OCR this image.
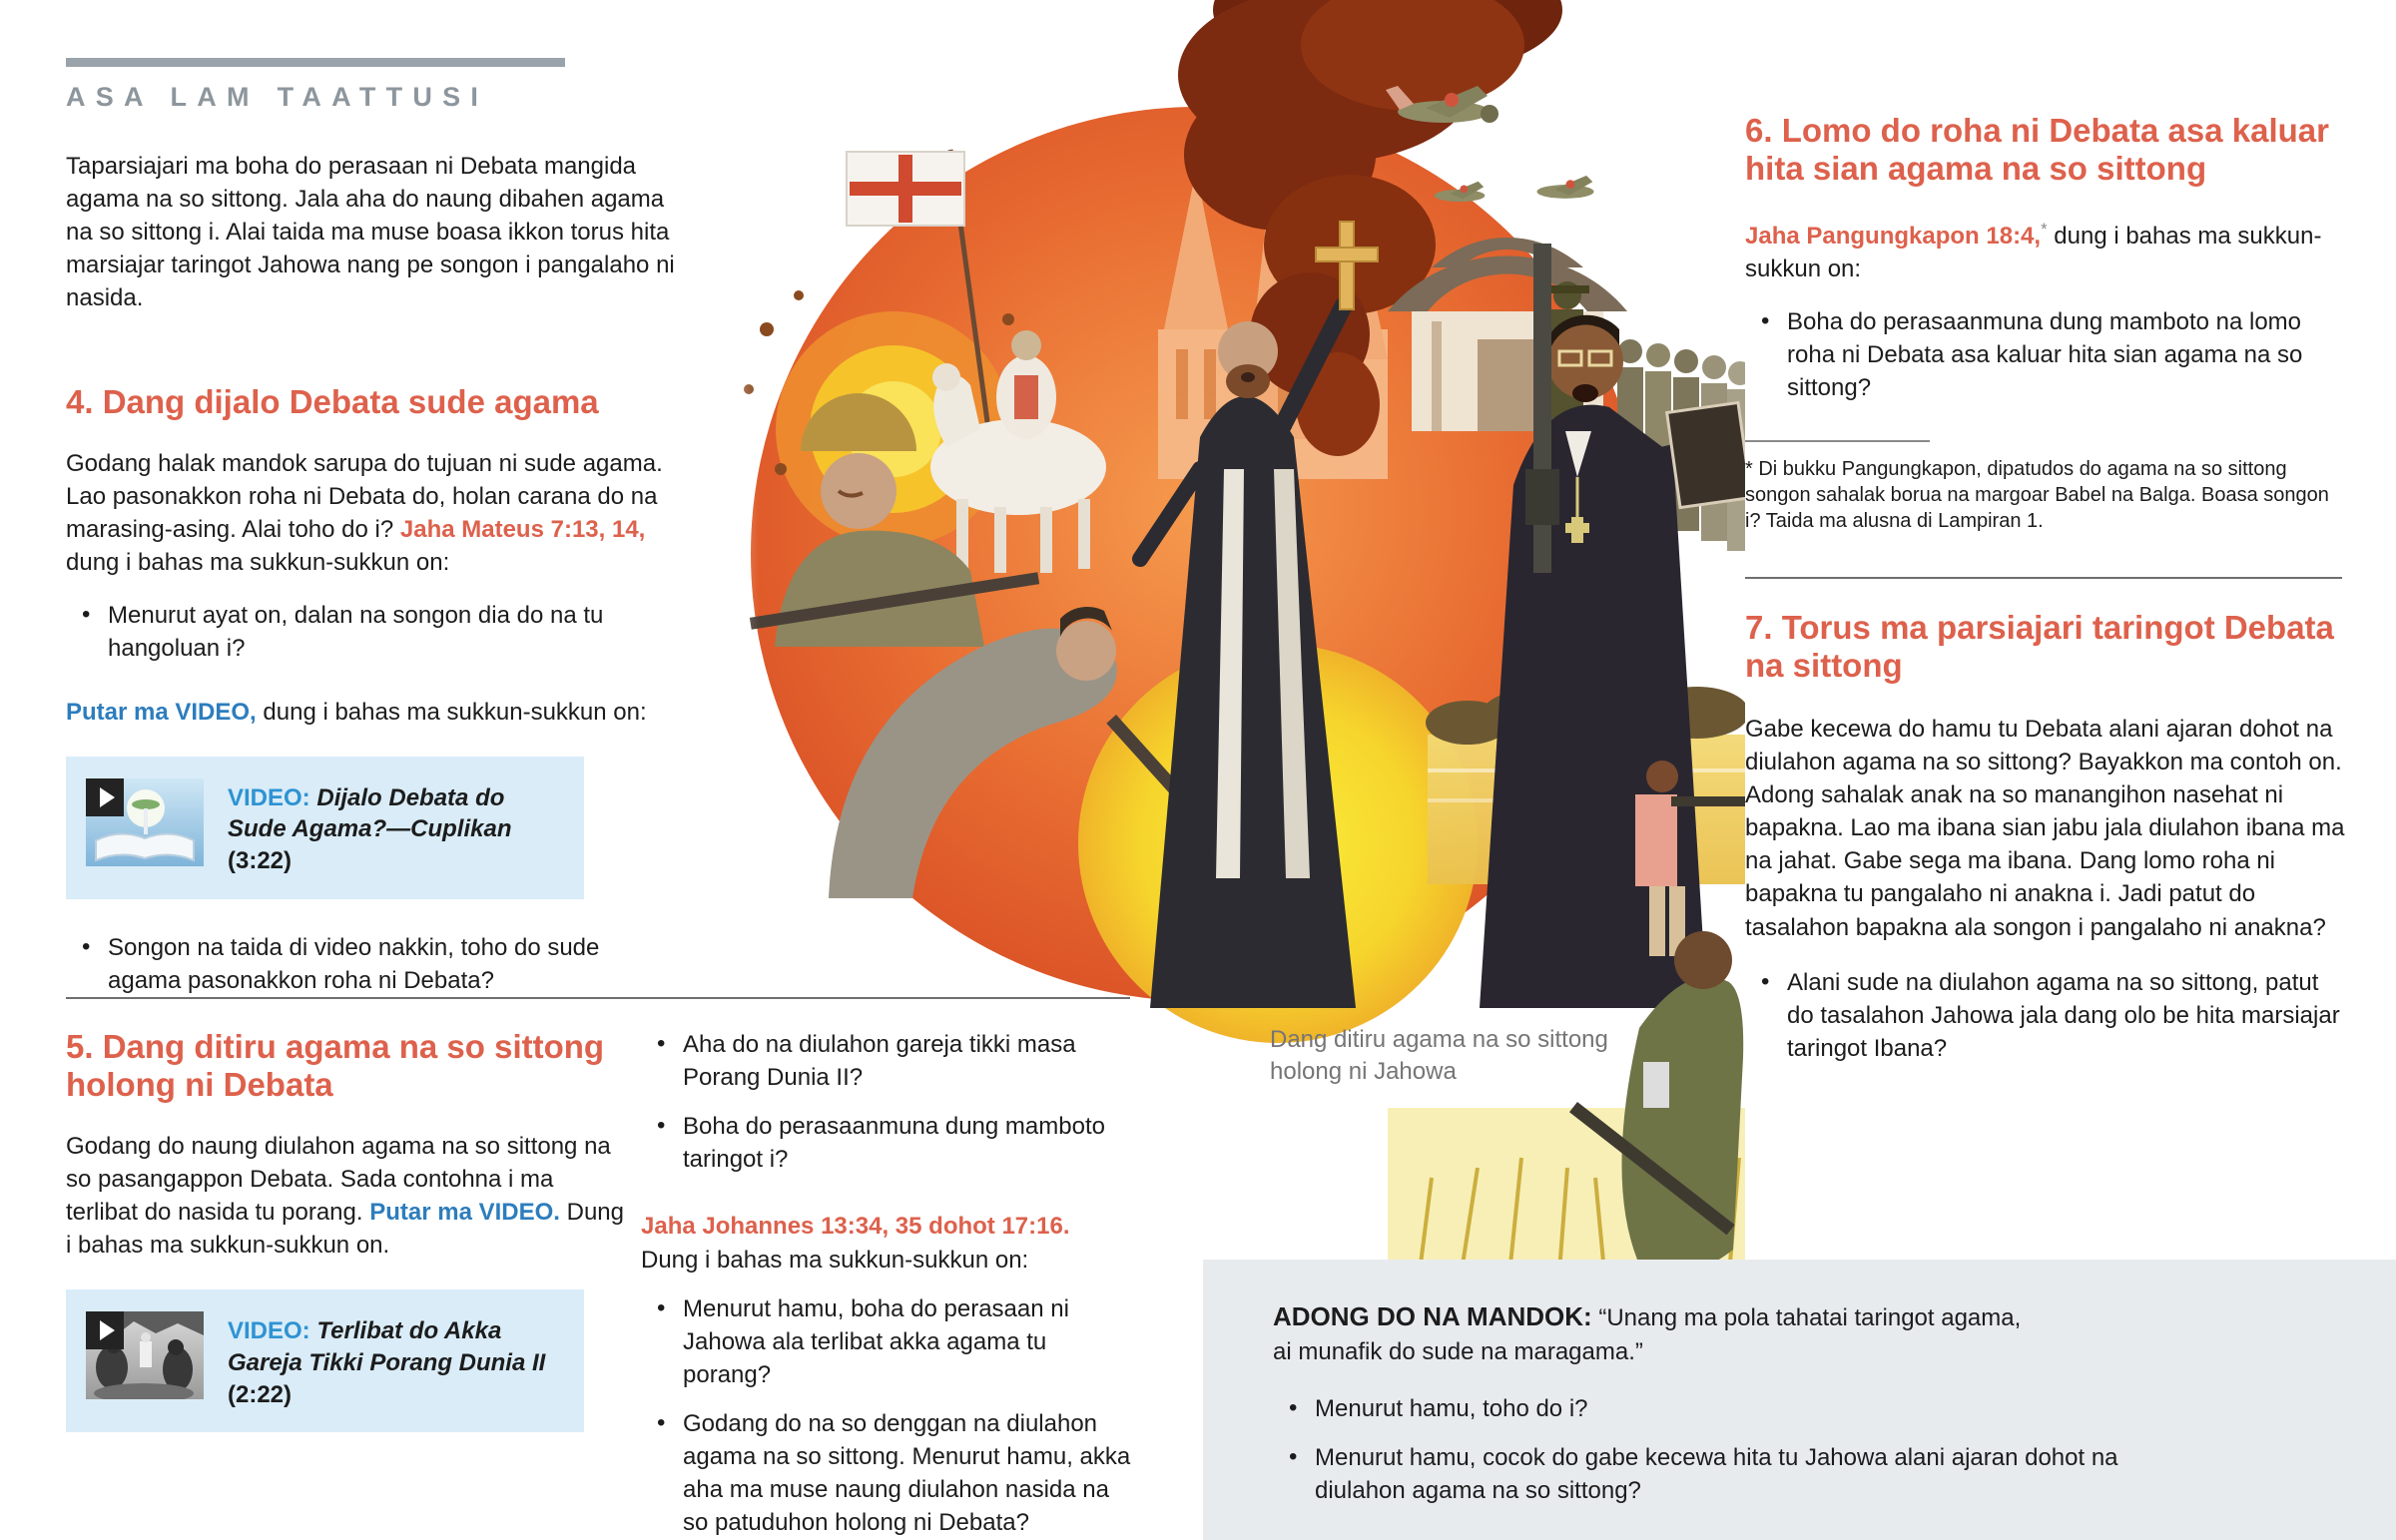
ASA LAM TAATTUSI

Taparsiajari ma boha do perasaan ni Debata mangida agama na so sittong. Jala aha do naung dibahen agama na so sittong i. Alai taida ma muse boasa ikkon torus hita marsiajar taringot Jahowa nang pe songon i pangalaho ni nasida.

4. Dang dijalo Debata sude agama

Godang halak mandok sarupa do tujuan ni sude agama. Lao pasonakkon roha ni Debata do, holan carana do na marasing-asing. Alai toho do i? Jaha Mateus 7:13, 14, dung i bahas ma sukkun-sukkun on:

• Menurut ayat on, dalan na songon dia do na tu hangoluan i?

Putar ma VIDEO, dung i bahas ma sukkun-sukkun on:

VIDEO: Dijalo Debata do Sude Agama?—Cuplikan (3:22)

• Songon na taida di video nakkin, toho do sude agama pasonakkon roha ni Debata?
5. Dang ditiru agama na so sittong holong ni Debata

Godang do naung diulahon agama na so sittong na so pasangappon Debata. Sada contohna i ma terlibat do nasida tu porang. Putar ma VIDEO. Dung i bahas ma sukkun-sukkun on.

VIDEO: Terlibat do Akka Gareja Tikki Porang Dunia II (2:22)

• Aha do na diulahon gareja tikki masa Porang Dunia II?
• Boha do perasaanmuna dung mamboto taringot i?

Jaha Johannes 13:34, 35 dohot 17:16.
Dung i bahas ma sukkun-sukkun on:

• Menurut hamu, boha do perasaan ni Jahowa ala terlibat akka agama tu porang?
• Godang do na so denggan na diulahon agama na so sittong. Menurut hamu, akka aha ma muse naung diulahon nasida na so patuduhon holong ni Debata?
Dang ditiru agama na so sittong holong ni Jahowa
6. Lomo do roha ni Debata asa kaluar hita sian agama na so sittong

Jaha Pangungkapon 18:4,* dung i bahas ma sukkun-sukkun on:

• Boha do perasaanmuna dung mamboto na lomo roha ni Debata asa kaluar hita sian agama na so sittong?

* Di bukku Pangungkapon, dipatudos do agama na so sittong songon sahalak borua na margoar Babel na Balga. Boasa songon i? Taida ma alusna di Lampiran 1.

7. Torus ma parsiajari taringot Debata na sittong

Gabe kecewa do hamu tu Debata alani ajaran dohot na diulahon agama na so sittong? Bayakkon ma contoh on. Adong sahalak anak na so manangihon nasehat ni bapakna. Lao ma ibana sian jabu jala diulahon ibana ma na jahat. Gabe sega ma ibana. Dang lomo roha ni bapakna tu pangalaho ni anakna i. Jadi patut do tasalahon bapakna ala songon i pangalaho ni anakna?

• Alani sude na diulahon agama na so sittong, patut do tasalahon Jahowa jala dang olo be hita marsiajar taringot Ibana?

ADONG DO NA MANDOK: “Unang ma pola tahatai taringot agama, ai munafik do sude na maragama.”

• Menurut hamu, toho do i?
• Menurut hamu, cocok do gabe kecewa hita tu Jahowa alani ajaran dohot na diulahon agama na so sittong?
